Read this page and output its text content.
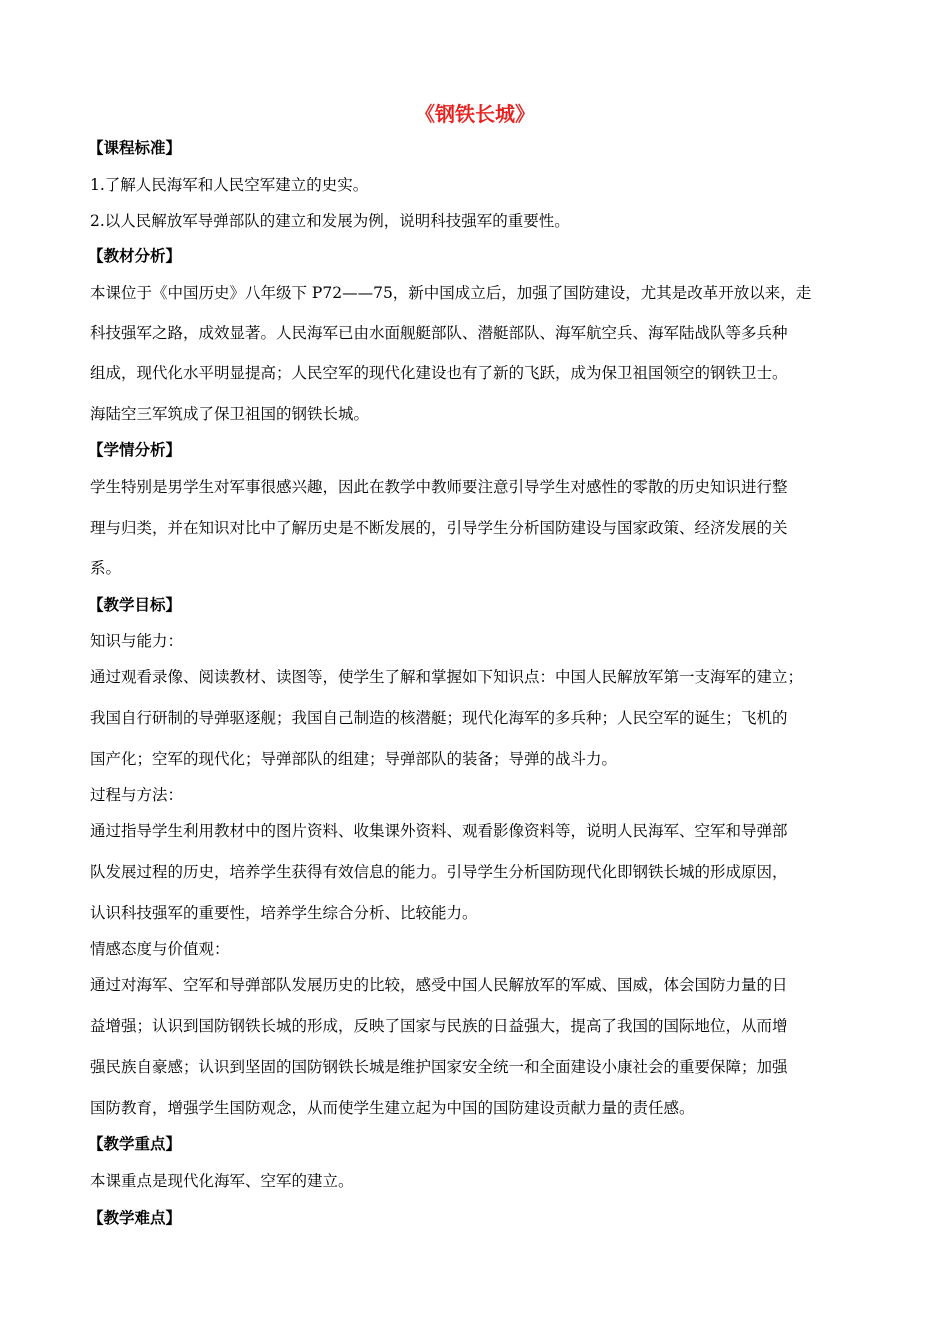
《钢铁长城》
【课程标准】
1.了解人民海军和人民空军建立的史实。
2.以人民解放军导弹部队的建立和发展为例，说明科技强军的重要性。
【教材分析】
本课位于《中国历史》八年级下 P72——75，新中国成立后，加强了国防建设，尤其是改革开放以来，走
科技强军之路，成效显著。人民海军已由水面舰艇部队、潜艇部队、海军航空兵、海军陆战队等多兵种
组成，现代化水平明显提高；人民空军的现代化建设也有了新的飞跃，成为保卫祖国领空的钢铁卫士。
海陆空三军筑成了保卫祖国的钢铁长城。
【学情分析】
学生特别是男学生对军事很感兴趣，因此在教学中教师要注意引导学生对感性的零散的历史知识进行整
理与归类，并在知识对比中了解历史是不断发展的，引导学生分析国防建设与国家政策、经济发展的关
系。
【教学目标】
知识与能力：
通过观看录像、阅读教材、读图等，使学生了解和掌握如下知识点：中国人民解放军第一支海军的建立；
我国自行研制的导弹驱逐舰；我国自己制造的核潜艇；现代化海军的多兵种；人民空军的诞生；飞机的
国产化；空军的现代化；导弹部队的组建；导弹部队的装备；导弹的战斗力。
过程与方法：
通过指导学生利用教材中的图片资料、收集课外资料、观看影像资料等，说明人民海军、空军和导弹部
队发展过程的历史，培养学生获得有效信息的能力。引导学生分析国防现代化即钢铁长城的形成原因，
认识科技强军的重要性，培养学生综合分析、比较能力。
情感态度与价值观：
通过对海军、空军和导弹部队发展历史的比较，感受中国人民解放军的军威、国威，体会国防力量的日
益增强；认识到国防钢铁长城的形成，反映了国家与民族的日益强大，提高了我国的国际地位，从而增
强民族自豪感；认识到坚固的国防钢铁长城是维护国家安全统一和全面建设小康社会的重要保障；加强
国防教育，增强学生国防观念，从而使学生建立起为中国的国防建设贡献力量的责任感。
【教学重点】
本课重点是现代化海军、空军的建立。
【教学难点】
